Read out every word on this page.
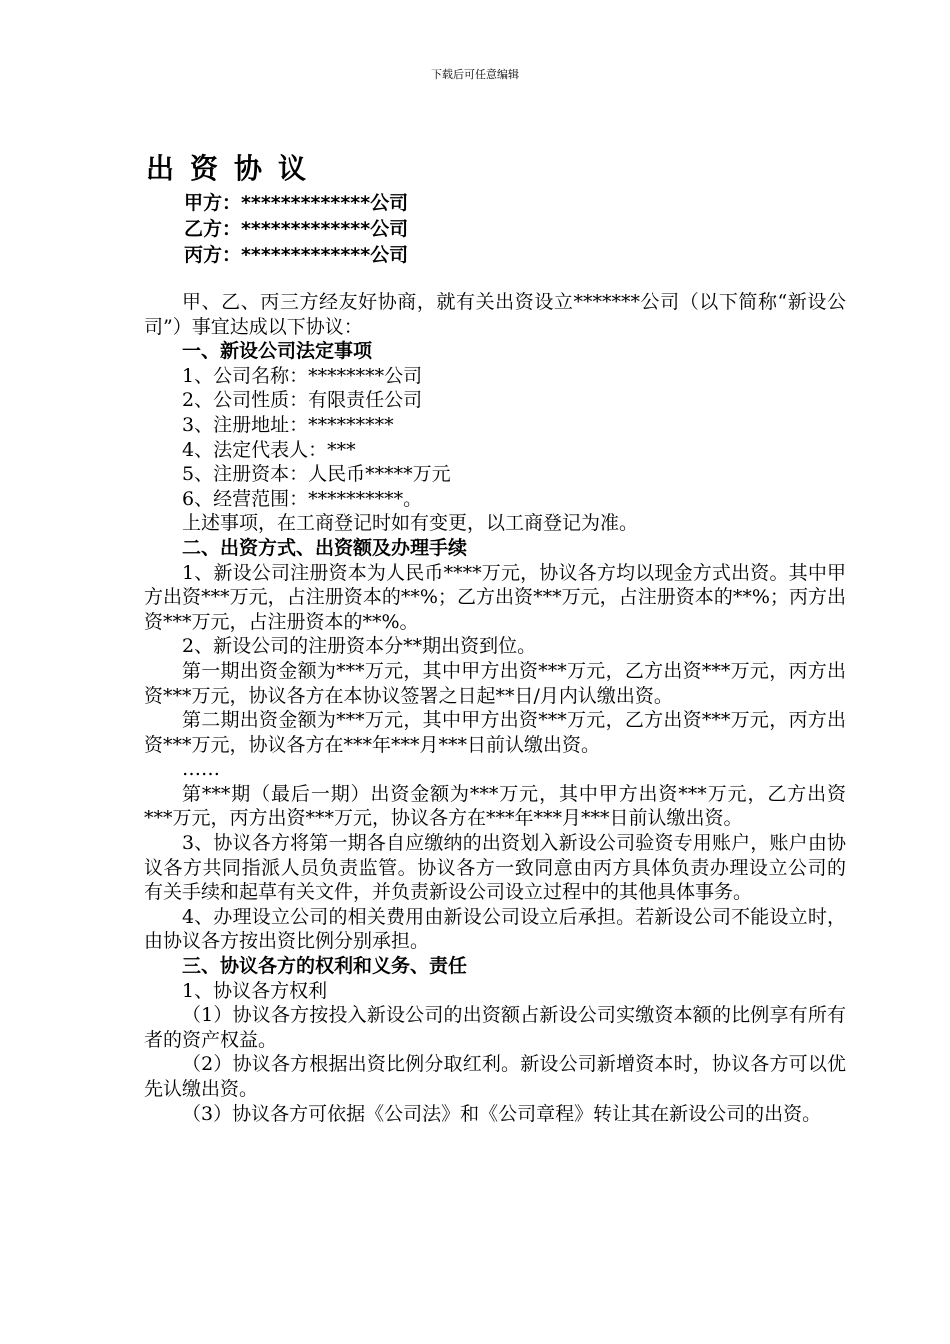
下载后可任意编辑
出资协议
甲方：*************公司
乙方：*************公司
丙方：*************公司

甲、乙、丙三方经友好协商，就有关出资设立*******公司（以下简称“新设公司”）事宜达成以下协议：

一、新设公司法定事项

1、公司名称：********公司

2、公司性质：有限责任公司

3、注册地址：*********

4、法定代表人：***

5、注册资本：人民币*****万元

6、经营范围：**********。

上述事项，在工商登记时如有变更，以工商登记为准。

二、出资方式、出资额及办理手续

1、新设公司注册资本为人民币****万元，协议各方均以现金方式出资。其中甲方出资***万元，占注册资本的**%；乙方出资***万元，占注册资本的**%；丙方出资***万元，占注册资本的**%。

2、新设公司的注册资本分**期出资到位。

第一期出资金额为***万元，其中甲方出资***万元，乙方出资***万元，丙方出资***万元，协议各方在本协议签署之日起**日/月内认缴出资。

第二期出资金额为***万元，其中甲方出资***万元，乙方出资***万元，丙方出资***万元，协议各方在***年***月***日前认缴出资。

……

第***期（最后一期）出资金额为***万元，其中甲方出资***万元，乙方出资***万元，丙方出资***万元，协议各方在***年***月***日前认缴出资。

3、协议各方将第一期各自应缴纳的出资划入新设公司验资专用账户，账户由协议各方共同指派人员负责监管。协议各方一致同意由丙方具体负责办理设立公司的有关手续和起草有关文件，并负责新设公司设立过程中的其他具体事务。

4、办理设立公司的相关费用由新设公司设立后承担。若新设公司不能设立时，由协议各方按出资比例分别承担。

三、协议各方的权利和义务、责任

1、协议各方权利

（1）协议各方按投入新设公司的出资额占新设公司实缴资本额的比例享有所有者的资产权益。

（2）协议各方根据出资比例分取红利。新设公司新增资本时，协议各方可以优先认缴出资。

（3）协议各方可依据《公司法》和《公司章程》转让其在新设公司的出资。
